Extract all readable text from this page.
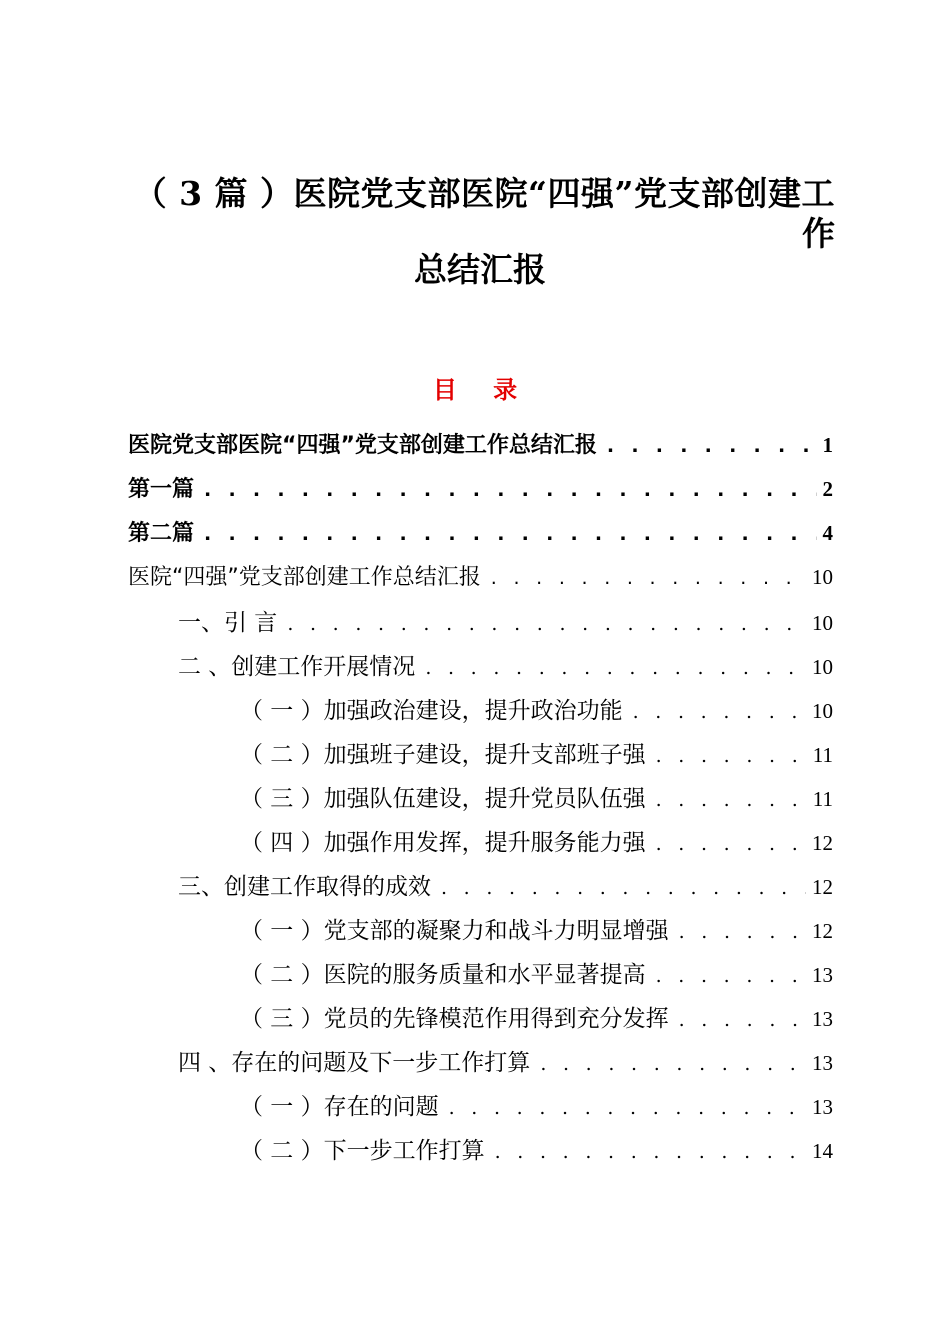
（ 3 篇 ）医院党支部医院“四强”党支部创建工
作
总结汇报
目 录
医院党支部医院“四强”党支部创建工作总结汇报 . . .	1
第一篇 . . .	2
第二篇 . . .	4
医院“四强”党支部创建工作总结汇报 . . .	10
一、引 言 . . .	10
二 、创建工作开展情况 . . .	10
（ 一 ）加强政治建设，提升政治功能 . . .	10
（ 二 ）加强班子建设，提升支部班子强 . . .	11
（ 三 ）加强队伍建设，提升党员队伍强 . . .	11
（ 四 ）加强作用发挥，提升服务能力强 . . .	12
三、创建工作取得的成效 . . .	12
（ 一 ）党支部的凝聚力和战斗力明显增强 . . .	12
（ 二 ）医院的服务质量和水平显著提高 . . .	13
（ 三 ）党员的先锋模范作用得到充分发挥 . . .	13
四 、存在的问题及下一步工作打算 . . .	13
（ 一 ）存在的问题 . . .	13
（ 二 ）下一步工作打算 . . .	14
